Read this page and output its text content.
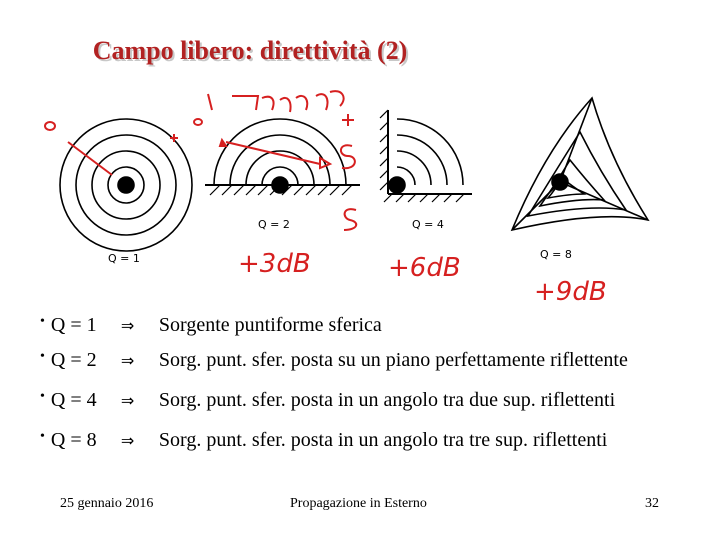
Campo libero: direttività (2)
Q = 1
Q = 2
+3dB
Q = 4
+6dB	Q = 8
+9dB
• Q = 1	⇒	Sorgente puntiforme sferica
• Q = 2	⇒	Sorg. punt. sfer. posta su un piano perfettamente riflettente
• Q = 4	⇒	Sorg. punt. sfer. posta in un angolo tra due sup. riflettenti
• Q = 8	⇒	Sorg. punt. sfer. posta in un angolo tra tre sup. riflettenti
25 gennaio 2016	Propagazione in Esterno	32
